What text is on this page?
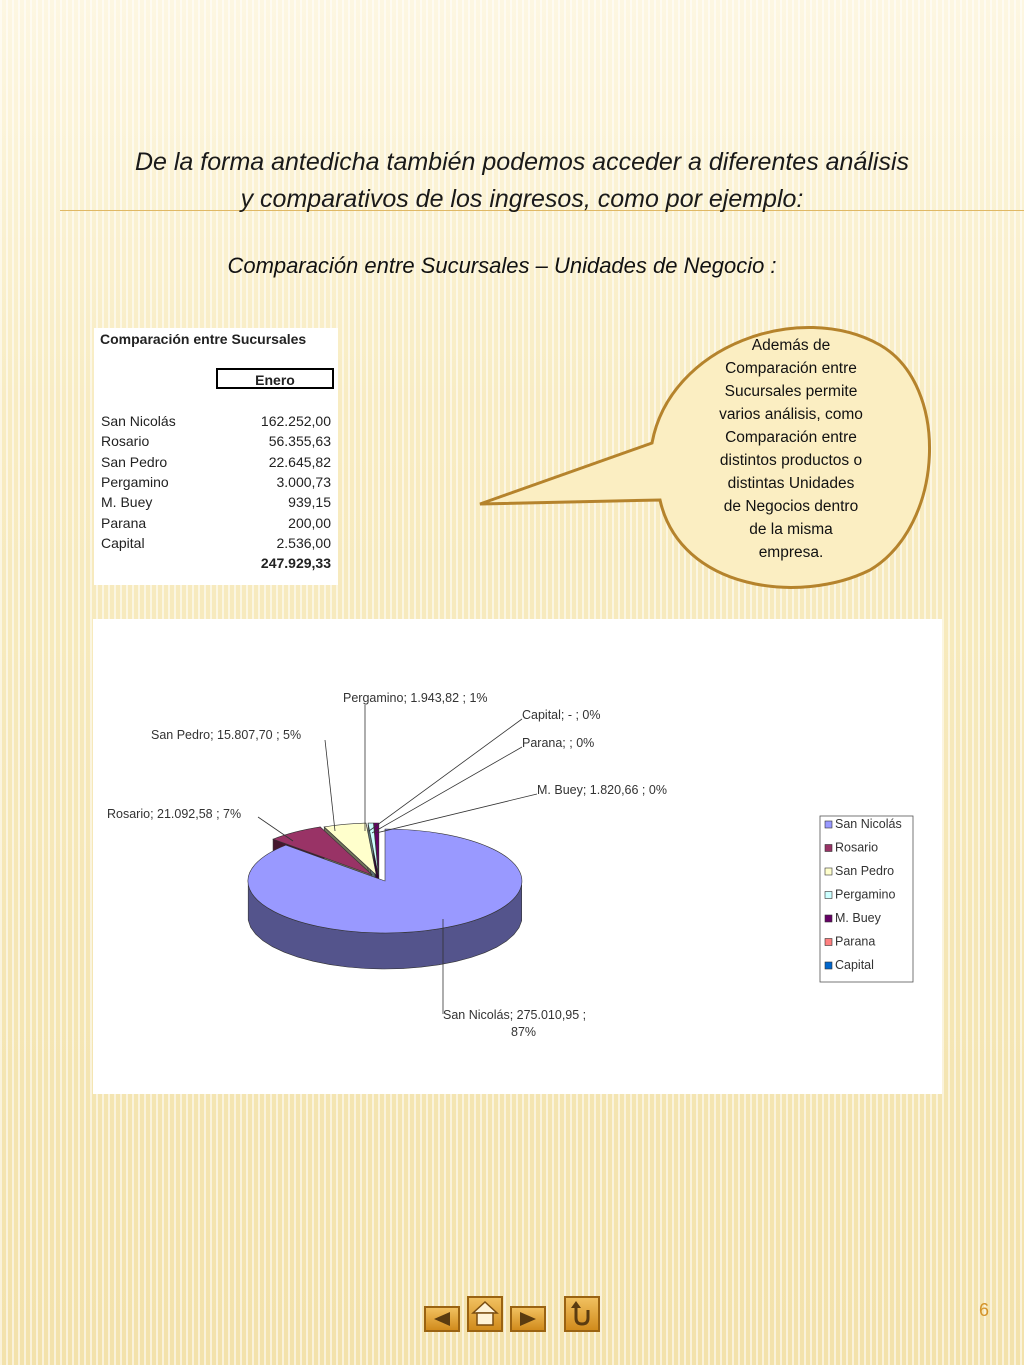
De la forma antedicha también podemos acceder a diferentes análisis
y comparativos de los ingresos, como por ejemplo:
Comparación entre Sucursales – Unidades de Negocio :
Comparación entre Sucursales
Enero
San Nicolás	162.252,00
Rosario	56.355,63
San Pedro	22.645,82
Pergamino	3.000,73
M. Buey	939,15
Parana	200,00
Capital	2.536,00
247.929,33
Además de
Comparación entre
Sucursales permite
varios análisis, como
Comparación entre
distintos productos o
distintas Unidades
de Negocios dentro
de la misma
empresa.
San Nicolás; 275.010,95 ;
87%
Rosario; 21.092,58 ; 7%
San Pedro; 15.807,70 ; 5%
Pergamino; 1.943,82 ; 1%
Capital; - ; 0%
Parana; ; 0%
M. Buey; 1.820,66 ; 0%
San Nicolás
Rosario
San Pedro
Pergamino
M. Buey
Parana
Capital
6
